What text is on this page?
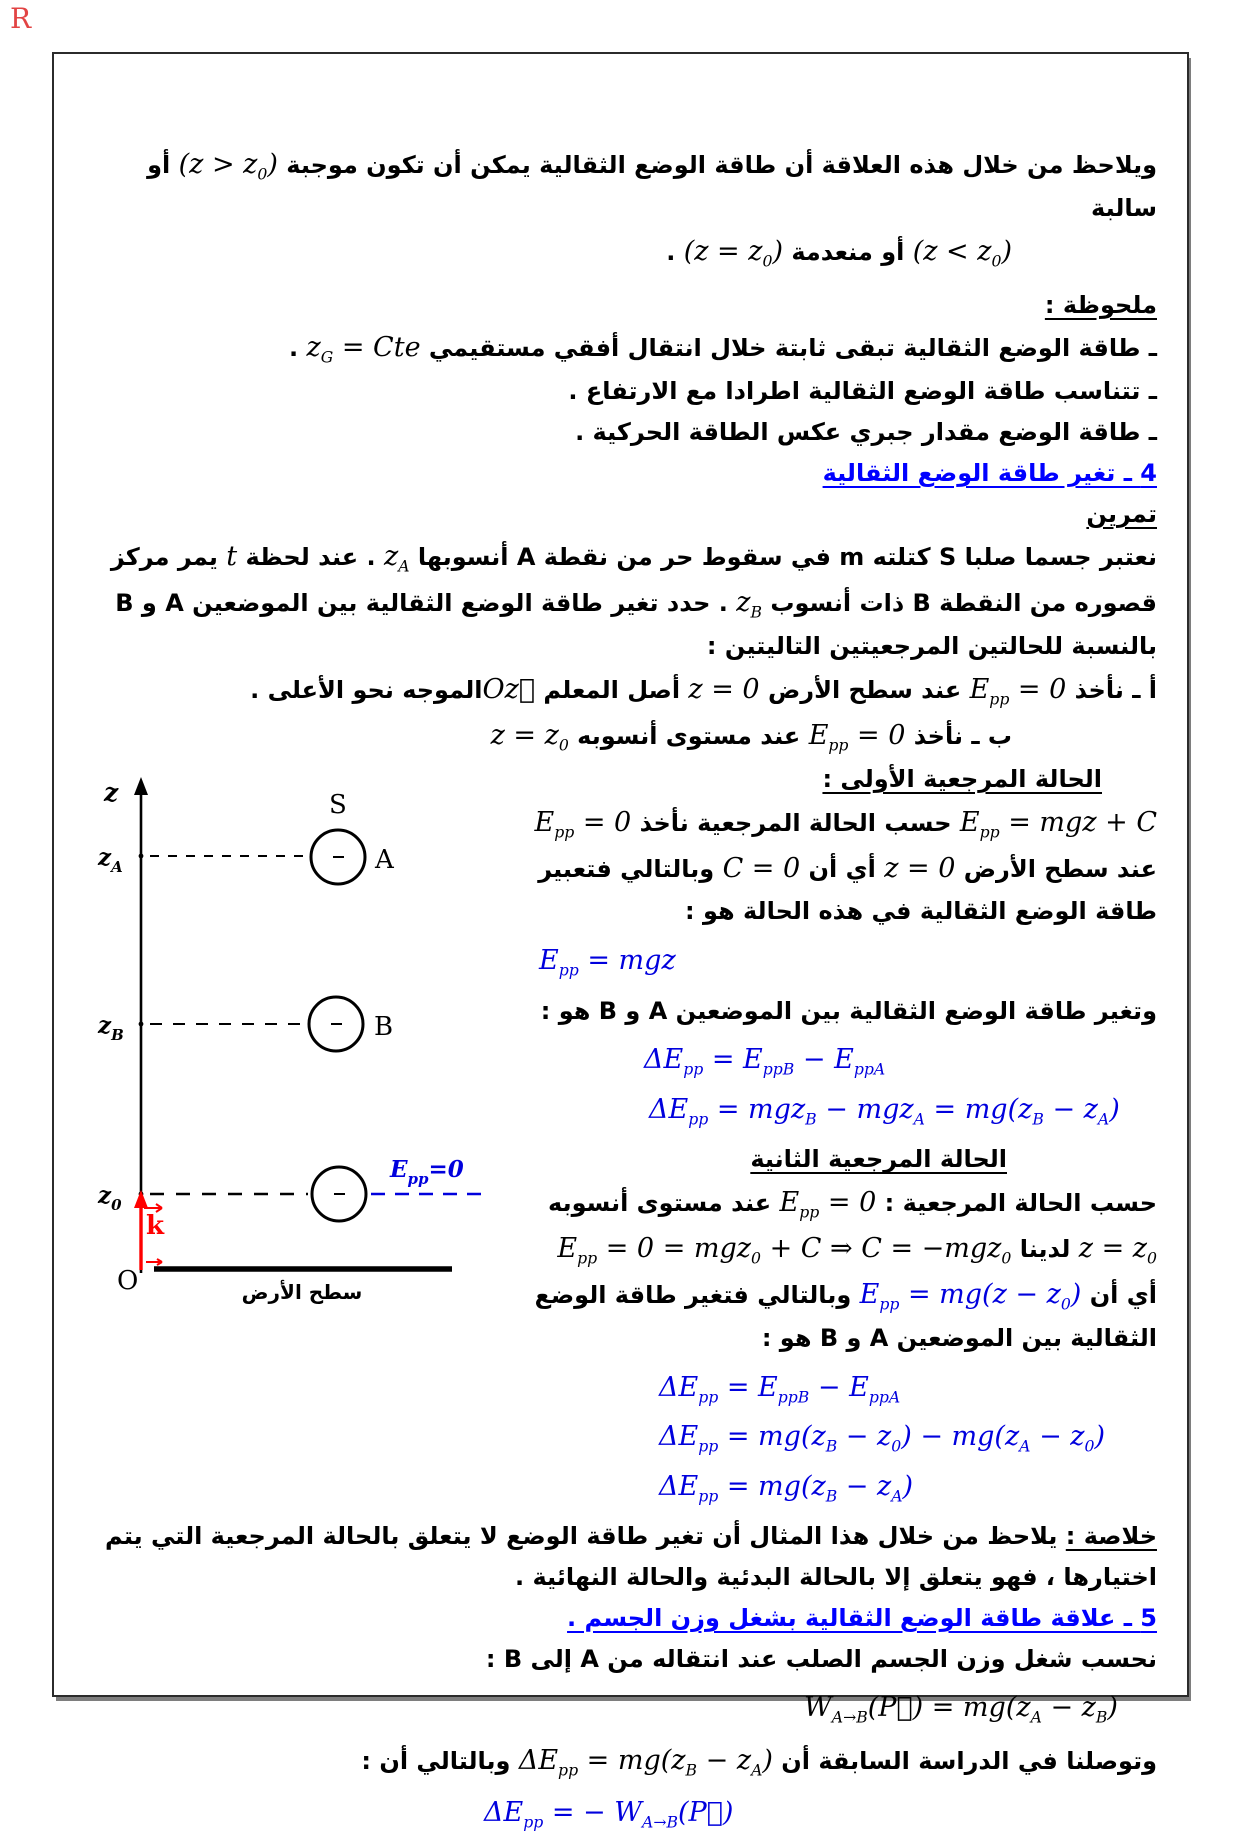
R
ويلاحظ من خلال هذه العلاقة أن طاقة الوضع الثقالية يمكن أن تكون موجبة $(z > z_0)$ أو سالبة
$(z < z_0)$ أو منعدمة $(z = z_0)$ .
ملحوظة :
ـ طاقة الوضع الثقالية تبقى ثابتة خلال انتقال أفقي مستقيمي $z_G$ = Cte .
ـ تتناسب طاقة الوضع الثقالية اطرادا مع الارتفاع .
ـ طاقة الوضع مقدار جبري عكس الطاقة الحركية .
4 ـ تغير طاقة الوضع الثقالية
تمرين
نعتبر جسما صلبا S كتلته m في سقوط حر من نقطة A أنسوبها $z_A$ . عند لحظة t يمر مركز قصوره من النقطة B ذات أنسوب $z_B$ . حدد تغير طاقة الوضع الثقالية بين الموضعين A و B بالنسبة للحالتين المرجعيتين التاليتين :
أ ـ نأخذ $E_{pp} = 0$ عند سطح الأرض z = 0 أصل المعلم Oz⃗الموجه نحو الأعلى .
ب ـ نأخذ $E_{pp} = 0$ عند مستوى أنسوبه $z = z_0$
z
$z_A$
S
A
$z_B$	B
$z_0$
$E_{pp}=0$
k
O	سطح الأرض
الحالة المرجعية الأولى :
$E_{pp}$ = mgz + C حسب الحالة المرجعية نأخذ $E_{pp} = 0$ عند سطح الأرض z = 0 أي أن C = 0 وبالتالي فتعبير طاقة الوضع الثقالية في هذه الحالة هو :
$E_{pp}$ = mgz
وتغير طاقة الوضع الثقالية بين الموضعين A و B هو :
$\Delta E_{pp} = E_{ppB} - E_{ppA}$
$\Delta E_{pp} = mgz_B - mgz_A = mg(z_B - z_A)$
الحالة المرجعية الثانية
حسب الحالة المرجعية : $E_{pp} = 0$ عند مستوى أنسوبه
$z = z_0$ لدينا $E_{pp} = 0 = mgz_0 + C$ ⇒ C = −mgz$_0$
أي أن $E_{pp} = mg(z - z_0)$ وبالتالي فتغير طاقة الوضع
الثقالية بين الموضعين A و B هو :
$\Delta E_{pp} = E_{ppB} - E_{ppA}$
$\Delta E_{pp} = mg(z_B - z_0) - mg(z_A - z_0)$
$\Delta E_{pp} = mg(z_B - z_A)$
خلاصة : يلاحظ من خلال هذا المثال أن تغير طاقة الوضع لا يتعلق بالحالة المرجعية التي يتم اختيارها ، فهو يتعلق إلا بالحالة البدئية والحالة النهائية .
5 ـ علاقة طاقة الوضع الثقالية بشغل وزن الجسم .
نحسب شغل وزن الجسم الصلب عند انتقاله من A إلى B :
$W_{A\to B}(P⃗) = mg(z_A - z_B)$
وتوصلنا في الدراسة السابقة أن $\Delta E_{pp} = mg(z_B - z_A)$ وبالتالي أن :
$\Delta E_{pp}$ = − $W_{A\to B}(P⃗)$
